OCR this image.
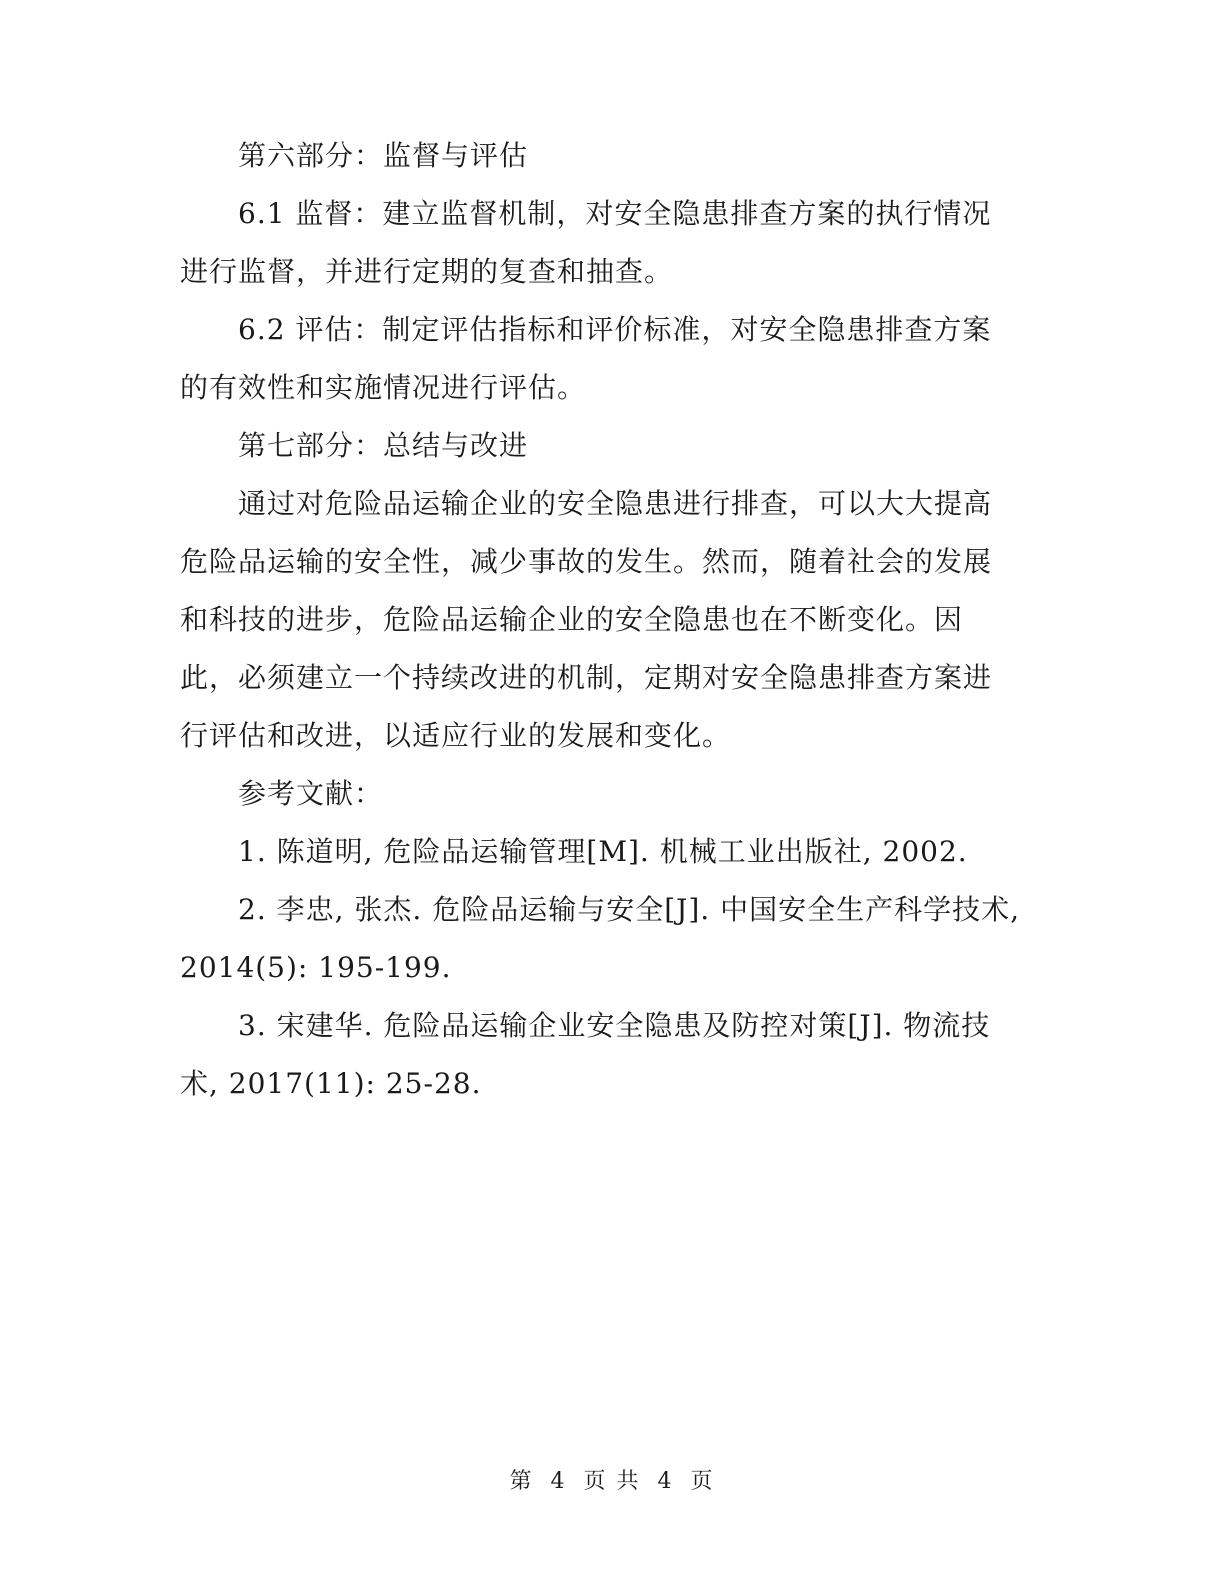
第六部分：监督与评估

6.1 监督：建立监督机制，对安全隐患排查方案的执行情况进行监督，并进行定期的复查和抽查。

6.2 评估：制定评估指标和评价标准，对安全隐患排查方案的有效性和实施情况进行评估。

第七部分：总结与改进

通过对危险品运输企业的安全隐患进行排查，可以大大提高危险品运输的安全性，减少事故的发生。然而，随着社会的发展和科技的进步，危险品运输企业的安全隐患也在不断变化。因此，必须建立一个持续改进的机制，定期对安全隐患排查方案进行评估和改进，以适应行业的发展和变化。

参考文献：

1. 陈道明, 危险品运输管理[M]. 机械工业出版社, 2002.

2. 李忠, 张杰. 危险品运输与安全[J]. 中国安全生产科学技术, 2014(5): 195-199.

3. 宋建华. 危险品运输企业安全隐患及防控对策[J]. 物流技术, 2017(11): 25-28.

第 4 页 共 4 页
